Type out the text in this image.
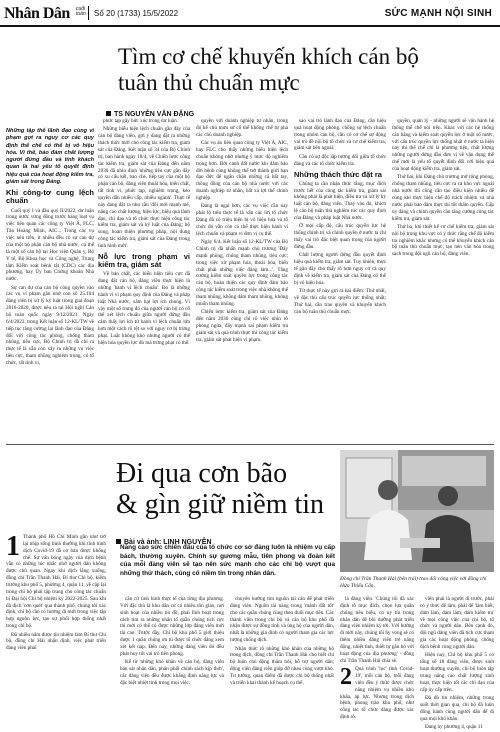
Nhân Dân cuối tuần	Số 20 (1733) 15/5/2022	SỨC MẠNH NỘI SINH
Tìm cơ chế khuyến khích cán bộ
tuân thủ chuẩn mực
TS NGUYỄN VĂN ĐẶNG
Những tập thể lãnh đạo cùng vì phạm gợi ra nguy cơ các quy định thể chế có thể bị vô hiệu hóa. Vì thế, bảo đảm chất lượng người đứng đầu và tính khách quan là hai yếu tố quyết định hiệu quả của hoạt động kiểm tra, giám sát trong Đảng.
Khi công-tơ cung lệch chuẩn

Cuối quý I và đầu quý II/2022, dư luận trong nước vừng đông trước hàng loạt vụ việc liên quan các công ty Việt Á, FLC, Tân Hoàng Minh, AIC... Trong các vụ việc nêu trên, ít nhiều đều có sự can dự của một bộ phận cán bộ nhà nước, cụ thể là một số cán bộ tại Học viện Quân y, Bộ Y tế, Bộ Khoa học và Công nghệ, Trung tâm Kiểm soát bệnh tật (CDC) các địa phương, hay Ủy ban Chứng khoán Nhà nước.

Sự can dự của cán bộ công quyền vào các vụ vi phạm gần nhớ con số 25.104 đảng viên bị xử lý kỷ luật trong giai đoạn 2016-2020, được nêu ra tại Hội nghị Cán bộ toàn quốc ngày 9/12/2021. Ngày 6/4/2022, trong Kết luận số 12-KL/TW về tiếp tục tăng cường lại lãnh đạo của Đảng đối với công tác phòng, chống tham nhũng, tiêu cực, Bộ Chính trị đã chỉ ra thực tế là vẫn còn xảy ra những vụ việc tiêu cực, tham nhũng nghiêm trọng, có tổ chức, rất tinh vi,

phức tạp gây bức xúc trong dư luận.

Những biểu hiện lệch chuẩn gần đây của cán bộ đảng viên, gợi ý đang đặt ra những thách thức mới cho công tác kiểm tra, giám sát của Đảng. Kết luận số 34 của Bộ Chính trị, ban hành ngày 18/4, về Chiến lược công tác kiểm tra, giám sát của Đảng đến năm 2030 đã nhìn định 'những tiêu cực gần đây có xu cấu kết, bao che, tiếp tay của một bộ phận cán bộ, đảng viên thoái hóa, biến chất, rất tinh vi, phức tạp, nghiêm trọng, kéo quyền dẫn nhiều cấp, nhiều ngành'. Thực tế này đang đặt ra nhu cầu 'đổi mới mạnh mẽ, nâng cao chất lượng, hiệu lực, hiệu quả lãnh đạo, chỉ đạo và tổ chức thực hiện công tác kiểm tra, giám sát và kỷ luật của Đảng; bộ sung, hoàn thiện phương pháp, nội dung công tác kiểm tra, giám sát của Đảng trong tình hình mới'.

Nỗ lực trong phạm vi kiểm tra, giám sát

Về bản chất, các biểu hiện tiêu cực đã đang đặt cán bộ, đảng viên thực hiện là những 'hành vi lệch chuẩn'. Đó là những hành vi vi phạm quy định của Đảng và pháp luật Nhà nước, xâm hại lợi ích chung. Vì vậy một số trong đó của người cán bộ có cố thể xét lệch chuẩn giữa người đứng đầu cảm thấy lợi ích từ hành vi lệch chuẩn lớn hơn một cách rõ rệt so với nguy cơ bị trừng phạt. Luật không khó nhưng người có thế hiện hóa quyền lực đủ mà trừng phạt có thể.

quyền với doanh nghiệp tư nhân, trong đó kể chủ mưu sử cổ thế khống chế tự phá các chủ doanh nghiệp.

Các vụ án liên quan công ty Việt Á, AIC, hay FLC cho thấy những biểu hiện lệch chuẩn không nhờ nhưng ý mức độ nghiêm trọng hơn. Bởi cảnh đất nước khi đảm bảo đời bệnh cùng không thể trở thành giới hạn đạo đức để ngăn chặn những cá bất tay, thông đồng của cán bộ nhà nước với các doanh nghiệp tư nhân, bất xá lợi thế chính nghiệp.

Đảng là ngại hơn, các vụ việc cần này phát lộ trên thực tế là vẫn các lời tổ chức Đảng đã có triệu hiện bị vô hiệu hóa và tổ chức đó vẫn còn có thể thực hiện hành vi lệch chuẩn và phạm vi đơn vị cụ thể.

Ngày 6/4, Kết luận số 12-KL/TW của Bộ Chính trị đã nhấn mạnh chủ trương 'Đẩy mạnh phòng, chống tham nhũng, tiêu cực; trong việc xử phạm hóa, thoái hóa, biến chất phải những việc đáng làm...'. Tăng cường kiểm soát quyền lực trong công tác cán bộ, hoàn thiện các quy định đảm bảo công tác kiểm soát trong việc nhà không thể tham nhũng, không dám tham nhũng, không muốn tham nhũng.

Chiến lược kiểm tra, giám sát của Đảng đến năm 2030 cũng chỉ rõ việc nhìn rõ phòng ngừa, đẩy mạnh sai phạm kiểm tra giám sát và quá trình thực thi công tác kiểm tra, giám sát phát hiện vi phạm.

sao vai trò lãnh đạo của Đảng, cần hiệu quả hoạt động phòng, chống sự lệch chuẩn trong nhóm cán bộ, cần có cơ chế sự động vai trò đề nội bộ tổ chức và cơ chế kiểm tra, giám sát bên ngoài.

Cần có sự độc lập tương đối giữa tổ chức đảng và các tổ chức kiểm tra.

Những thách thức đặt ra

Chúng ta cần nhận thức rằng, mục đích trước hết của công tác kiểm tra, giám sát không phải là phát hiện, điều tra và xử lý kỷ luật cán bộ, đảng viên. Thay vào đó, khích lệ cán bộ tuân thủ nghiêm túc các quy định của Đảng và pháp luật Nhà nước.

Ở mọi cấp độ, cấu trúc quyền lực hệ thống chính trị và chính quyền ở nước ta chỉ thấy vai trò đặc biệt quan trọng của người đứng đầu.

Chất lượng người đứng đầu quyết định hiệu quả kiểm tra, giám sát. Tuy nhiên, thực tế gần đây cho thấy rõ hơn nguy cơ cả quy định về kiểm tra, giám sát của Đảng có thể bị vô hiệu hóa.

Từ thực tế này gợi ra hai điểm: Thứ nhất, về đặc thù cấu trúc quyền lực thống nhất; Thứ hai, cần trao quyền và khuyến khích cán bộ tuân thủ chuẩn mực.

quyền, quản lý - những người sẽ vận hành hệ thống thể chế nói trên. Khác với các hệ thống cân bằng và kiểm soát quyền lực ở một số nước, với cấu trúc quyền lực thống nhất ở nước ta hiện nay thì thể chế chỉ là phương tiện, chất lượng những người đứng đầu đơn vị về vận dụng thể chế mới là yếu tố quyết định đối với hiệu quả của hoạt động kiểm tra, giám sát.

Thứ hai, khi Đảng chủ trương mở rộng phòng, chống tham nhũng, tiêu cực ra cả khu vực ngoài nhà nước thì công cần tạo điều kiện nhiều để cùng khi thực hiện chế độ trách nhiệm và nhà nước phải bảo đảm thực thi tốt thẩm quyền. Cấp ủy đảng và chính quyền cần tăng cường công tác kiểm tra, giám sát.

Thứ ba, khi thiết kế cơ chế kiểm tra, giám sát nội bộ trong khu vực có ý thức rằng chế độ kiểm tra nghiêm khắc nhưng có thể khuyến khích cán bộ tuân thủ chuẩn mực, tạo nên văn hóa trong sạch trong đội ngũ cán bộ, đảng viên.

Đi qua cơn bão
& gìn giữ niềm tin
Bài và ảnh: LINH NGUYỄN
Năng cao sức chiến đấu của tổ chức cơ sở đảng luôn là nhiệm vụ cấp bách, thường xuyên. Chính sự gương mẫu, tiên phong và đoàn kết của mỗi đảng viên sẽ tạo nên sức mạnh cho các chi bộ vượt qua những thử thách, củng cố niềm tin trong nhân dân.
1 Thành phố Hồ Chí Minh gần như trở lại nhịp sống bình thường khi tình hình dịch Covid-19 đã cơ bản được khống chế. Sự vắn bóng ngày của dịch bệnh vẫn có những lúc nhắc nhở người dân không được chủ quan. Ngay khi dịch lắng xuống, đồng chí Trần Thanh Hải, Bí thư Chi bộ, kiêm trưởng khu phố 5, phường 4, quận 11, về cập lại trong chi bộ phải tập trung cho công tác chuẩn bị Đại hội Chi bộ nhiệm kỳ 2022-2025. Sau khi đã dịch 'cơn quét' qua thành phố, chúng tôi xác định, chi bộ cần có hướng đi mới trong việc tập hợp nguồn lực, tạo sự phối hợp thống nhất trong chi bộ.

Đã nhiều năm được tín nhiệm làm Bí thư Chi bộ, đồng chí Hải nhận định, việc phát triển đảng viên phải

căn cứ tình hình thực tế của từng địa phương. Với đặc thù là khu dân cư có nhiều tôn giáo, nơi sinh hoạt của nhiều tín đồ, phải lĩnh hoạt trong cách tìm ra những nhân tố quần chúng tích cực thì mới có thể có được những lớp đảng viên mới tài cao. Trước đây, Chi bộ khu phố 5 giới thiệu được 1 quần chúng ưu tú được tổ chức đảng xem xét kết nạp. Đến nay, những đảng viên đó đều phát huy tốt vai trò tiên phong.

Kể từ 'những khó khăn về cán bộ, đảng viên bán sát nhân dân, phân phối chính sách kịp thời', các đảng viên đều được khẳng định năng lực và đặc biệt nhiệt tình trong mọi việc.

chuyên hướng tìm nguồn tài cán để phát triển đảng viên. Nguồn tài năng trong 'mảnh đất tốt' cho các quần chúng cùng theo đuổi mục tiêu. Các thành viên trong chi bộ và cán bộ khu phố đã nhận được sự đồng tình và ủng hộ của người dân, nhất là những gia đình có người tham gia các lực lượng chống dịch.

Nhận thức rõ những khó khăn của những hộ trong dịch, đồng chí Trần Thanh Hải cho biết chi bộ luôn chủ động thăm hỏi, hỗ trợ người dân; động viên đảng viên giúp đỡ nhau cùng vượt khó. Tư tưởng, quan điểm đã được chi bộ thống nhất và triển khai thành kế hoạch cụ thể.

Đồng chí Trần Thanh Hải (bên trái) trao đổi công việc với đồng chí Hứa Thiếu Cẩn.

là đảng viên. 'Chúng tôi đã xác định rõ mục đích, chọn lựa quần chúng tiêu biểu, có uy tín trong nhân dân để bồi dưỡng phát triển đảng viên nhiệm kỳ tới. Với hướng đi mới này, chúng tôi hy vọng sẽ có thêm nhiều đảng viên trẻ năng động, nhiệt tình, thiết tự gắn bó với hoạt động của địa phương' - đồng chí Trần Thanh Hải chia sẻ.

2 Quá trình 'lọc' tỉnh Covid-19', mỗi cán bộ, mỗi đảng viên đều ý thức được chức năng nhiệm vụ nhiều khó khăn, áp lực. Nhưng trong dịch bệnh, phong trào khu phố, như công tác tổ chức đảng được xác định rõ.

viên phải là người đi trước, phải có ý thức để làm, phải để 'làm biết, dám làm, dám làm, dám kiêm tra' về mọi công việc của chi bộ, tổ chức và người dân. Bên cạnh đó, đội ngũ đảng viên đã tích cực tham gia các hoạt động phòng, chống dịch bệnh cùng người dân.

Hiện nay, Chi bộ khu phố 5 có tổng số 18 đảng viên, được sinh hoạt thường xuyên, chi bộ luôn tập trung nâng cao chất lượng sinh hoạt, thực hiện tốt các chỉ đạo của cấp ủy cấp trên.

Đã đủ tin nhiệm, những trong suốt thời gian qua, chi bộ đã luôn đồng hành cùng người dân để đi qua mọi khó khăn.

Đảng ủy phường 4, quận 11
